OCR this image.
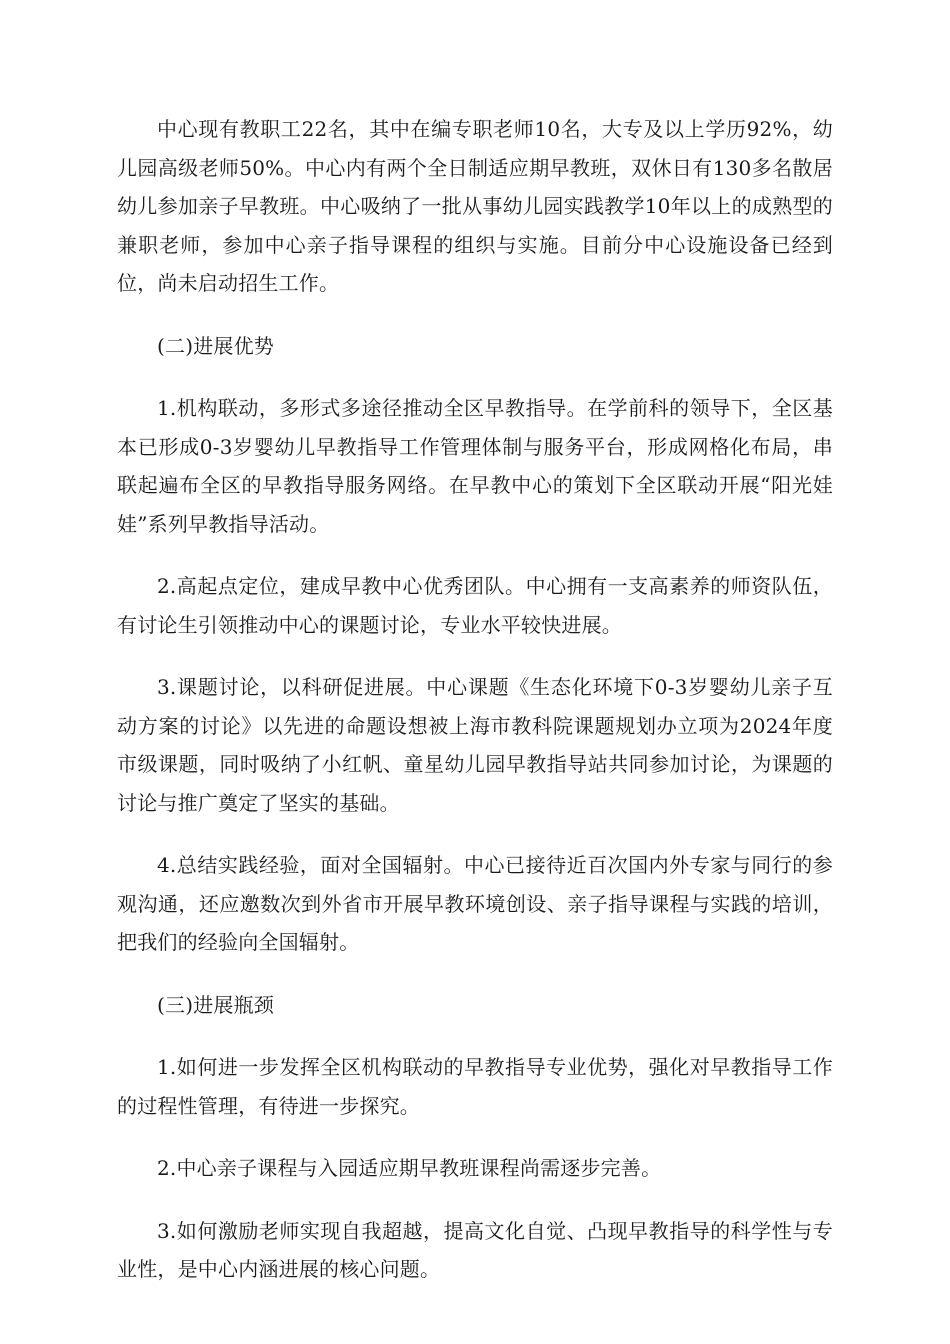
中心现有教职工22名，其中在编专职老师10名，大专及以上学历92%，幼儿园高级老师50%。中心内有两个全日制适应期早教班，双休日有130多名散居幼儿参加亲子早教班。中心吸纳了一批从事幼儿园实践教学10年以上的成熟型的兼职老师，参加中心亲子指导课程的组织与实施。目前分中心设施设备已经到位，尚未启动招生工作。

(二)进展优势

1.机构联动，多形式多途径推动全区早教指导。在学前科的领导下，全区基本已形成0-3岁婴幼儿早教指导工作管理体制与服务平台，形成网格化布局，串联起遍布全区的早教指导服务网络。在早教中心的策划下全区联动开展“阳光娃娃”系列早教指导活动。

2.高起点定位，建成早教中心优秀团队。中心拥有一支高素养的师资队伍，有讨论生引领推动中心的课题讨论，专业水平较快进展。

3.课题讨论，以科研促进展。中心课题《生态化环境下0-3岁婴幼儿亲子互动方案的讨论》以先进的命题设想被上海市教科院课题规划办立项为2024年度市级课题，同时吸纳了小红帆、童星幼儿园早教指导站共同参加讨论，为课题的讨论与推广奠定了坚实的基础。

4.总结实践经验，面对全国辐射。中心已接待近百次国内外专家与同行的参观沟通，还应邀数次到外省市开展早教环境创设、亲子指导课程与实践的培训，把我们的经验向全国辐射。

(三)进展瓶颈

1.如何进一步发挥全区机构联动的早教指导专业优势，强化对早教指导工作的过程性管理，有待进一步探究。

2.中心亲子课程与入园适应期早教班课程尚需逐步完善。

3.如何激励老师实现自我超越，提高文化自觉、凸现早教指导的科学性与专业性，是中心内涵进展的核心问题。
